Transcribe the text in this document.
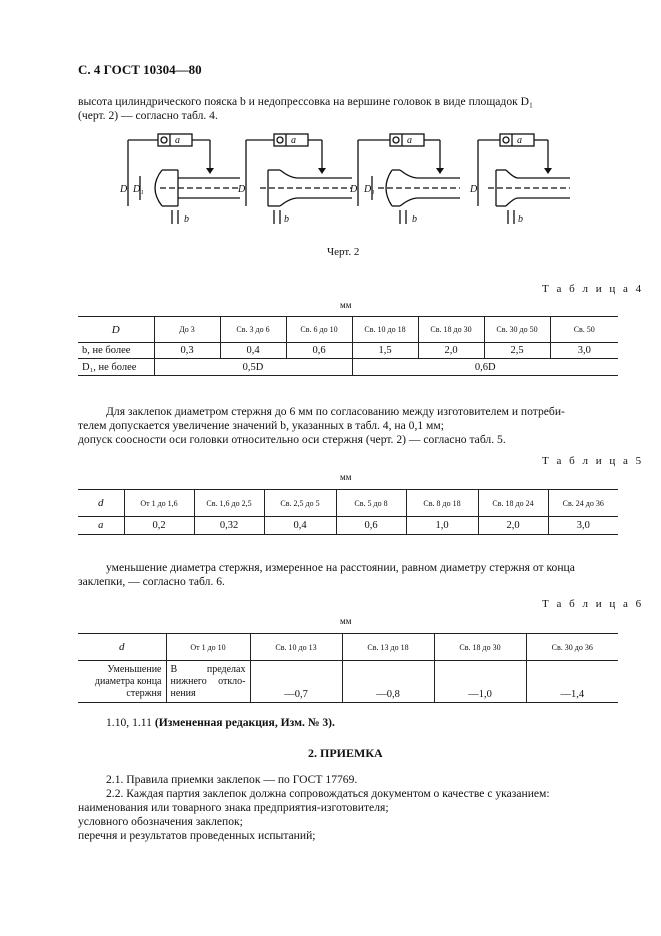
С. 4 ГОСТ 10304—80
высота цилиндрического пояска b и недопрессовка на вершине головок в виде площадок D₁
(черт. 2) — согласно табл. 4.
a	a	a	a
D D₁
b
D
b
D D₁
b
D
b
Черт. 2
Т а б л и ц а 4
мм
D	До 3	Св. 3 до 6	Св. 6 до 10	Св. 10 до 18	Св. 18 до 30	Св. 30 до 50	Св. 50
b, не более	0,3	0,4	0,6	1,5	2,0	2,5	3,0
D₁, не более	0,5D			0,6D			
Для заклепок диаметром стержня до 6 мм по согласованию между изготовителем и потреби-
телем допускается увеличение значений b, указанных в табл. 4, на 0,1 мм;
допуск соосности оси головки относительно оси стержня (черт. 2) — согласно табл. 5.
Т а б л и ц а 5
мм
d	От 1 до 1,6	Св. 1,6 до 2,5	Св. 2,5 до 5	Св. 5 до 8	Св. 8 до 18	Св. 18 до 24	Св. 24 до 36
a	0,2	0,32	0,4	0,6	1,0	2,0	3,0
уменьшение диаметра стержня, измеренное на расстоянии, равном диаметру стержня от конца
заклепки, — согласно табл. 6.
Т а б л и ц а 6
мм
d	От 1 до 10	Св. 10 до 13	Св. 13 до 18	Св. 18 до 30	Св. 30 до 36
Уменьшение диаметра конца стержня	В пределах нижнего откло-нения	—0,7	—0,8	—1,0	—1,4
1.10, 1.11 (Измененная редакция, Изм. № 3).
2. ПРИЕМКА
2.1. Правила приемки заклепок — по ГОСТ 17769.
2.2. Каждая партия заклепок должна сопровождаться документом о качестве с указанием:
наименования или товарного знака предприятия-изготовителя;
условного обозначения заклепок;
перечня и результатов проведенных испытаний;
